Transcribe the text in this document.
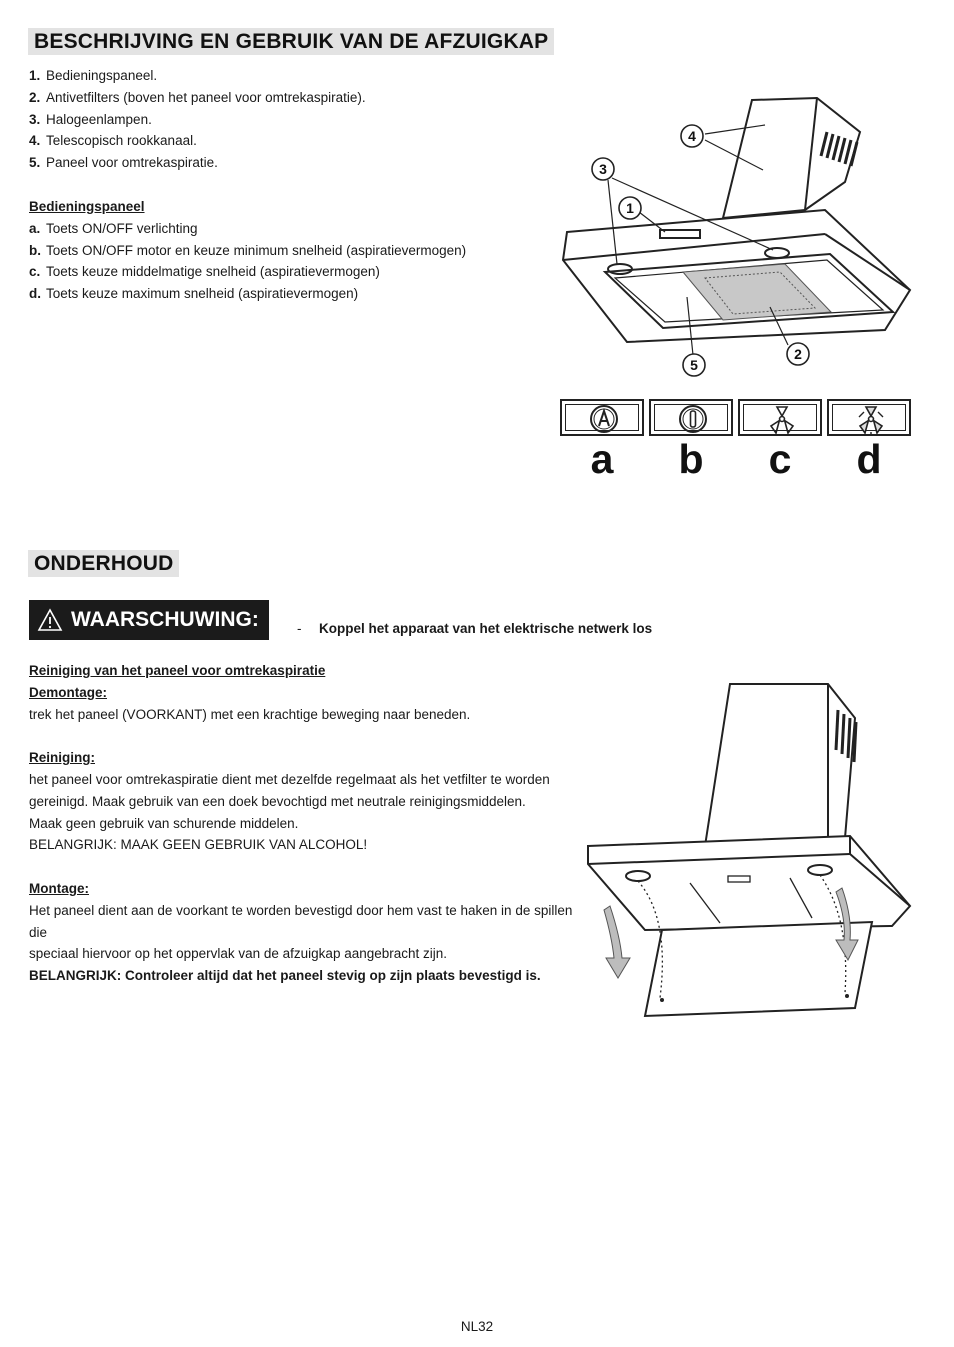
BESCHRIJVING EN GEBRUIK VAN DE AFZUIGKAP
1. Bedieningspaneel.
2. Antivetfilters (boven het paneel voor omtrekaspiratie).
3. Halogeenlampen.
4. Telescopisch rookkanaal.
5. Paneel voor omtrekaspiratie.
Bedieningspaneel
a. Toets ON/OFF verlichting
b. Toets ON/OFF motor en keuze minimum snelheid (aspiratievermogen)
c. Toets keuze middelmatige snelheid (aspiratievermogen)
d. Toets keuze maximum snelheid (aspiratievermogen)
4
3
1
2
5
a	b	c	d
ONDERHOUD
WAARSCHUWING:	- Koppel het apparaat van het elektrische netwerk los
Reiniging van het paneel voor omtrekaspiratie
Demontage:
trek het paneel (VOORKANT) met een krachtige beweging naar beneden.
Reiniging:
het paneel voor omtrekaspiratie dient met dezelfde regelmaat als het vetfilter te worden
gereinigd. Maak gebruik van een doek bevochtigd met neutrale reinigingsmiddelen.
Maak geen gebruik van schurende middelen.
BELANGRIJK: MAAK GEEN GEBRUIK VAN ALCOHOL!
Montage:
Het paneel dient aan de voorkant te worden bevestigd door hem vast te haken in de spillen die
speciaal hiervoor op het oppervlak van de afzuigkap aangebracht zijn.
BELANGRIJK: Controleer altijd dat het paneel stevig op zijn plaats bevestigd is.
NL32
